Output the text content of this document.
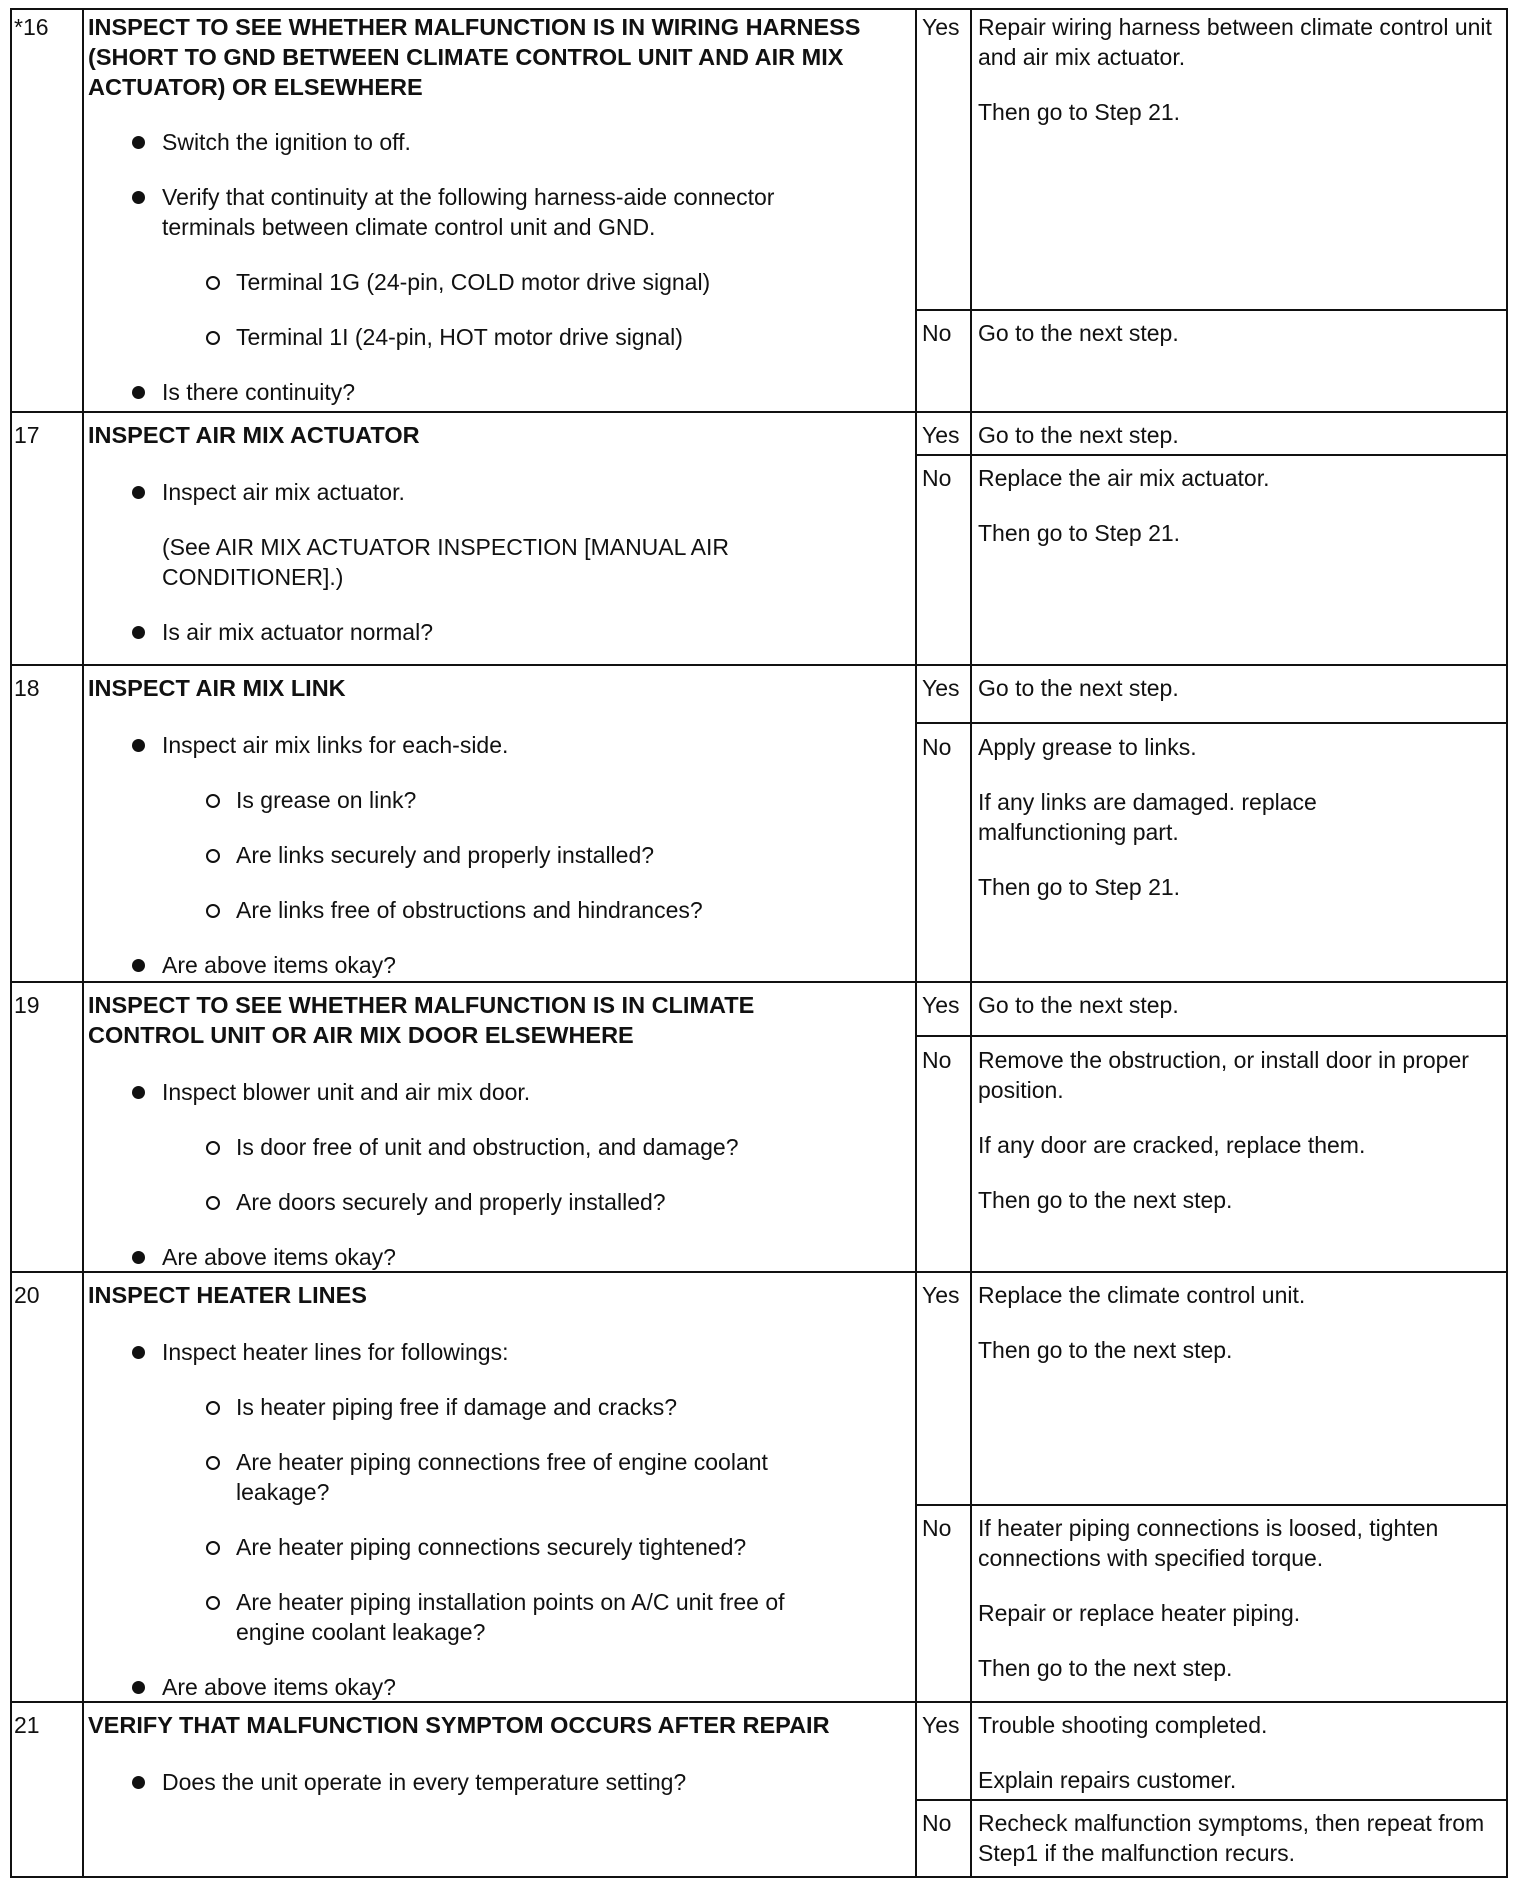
*16	INSPECT TO SEE WHETHER MALFUNCTION IS IN WIRING HARNESS (SHORT TO GND BETWEEN CLIMATE CONTROL UNIT AND AIR MIX ACTUATOR) OR ELSEWHERE
Switch the ignition to off.
Verify that continuity at the following harness-aide connector terminals between climate control unit and GND.
Terminal 1G (24-pin, COLD motor drive signal)
Terminal 1I (24-pin, HOT motor drive signal)
Is there continuity?
Yes Repair wiring harness between climate control unit and air mix actuator.
Then go to Step 21.
No Go to the next step.
17	INSPECT AIR MIX ACTUATOR
Inspect air mix actuator.
(See AIR MIX ACTUATOR INSPECTION [MANUAL AIR CONDITIONER].)
Is air mix actuator normal?
Yes Go to the next step.
No Replace the air mix actuator.
Then go to Step 21.
18	INSPECT AIR MIX LINK
Inspect air mix links for each-side.
Is grease on link?
Are links securely and properly installed?
Are links free of obstructions and hindrances?
Are above items okay?
Yes Go to the next step.
No Apply grease to links.
If any links are damaged. replace malfunctioning part.
Then go to Step 21.
19	INSPECT TO SEE WHETHER MALFUNCTION IS IN CLIMATE CONTROL UNIT OR AIR MIX DOOR ELSEWHERE
Inspect blower unit and air mix door.
Is door free of unit and obstruction, and damage?
Are doors securely and properly installed?
Are above items okay?
Yes Go to the next step.
No Remove the obstruction, or install door in proper position.
If any door are cracked, replace them.
Then go to the next step.
20	INSPECT HEATER LINES
Inspect heater lines for followings:
Is heater piping free if damage and cracks?
Are heater piping connections free of engine coolant leakage?
Are heater piping connections securely tightened?
Are heater piping installation points on A/C unit free of engine coolant leakage?
Are above items okay?
Yes Replace the climate control unit.
Then go to the next step.
No If heater piping connections is loosed, tighten connections with specified torque.
Repair or replace heater piping.
Then go to the next step.
21	VERIFY THAT MALFUNCTION SYMPTOM OCCURS AFTER REPAIR
Does the unit operate in every temperature setting?
Yes Trouble shooting completed.
Explain repairs customer.
No Recheck malfunction symptoms, then repeat from Step1 if the malfunction recurs.
